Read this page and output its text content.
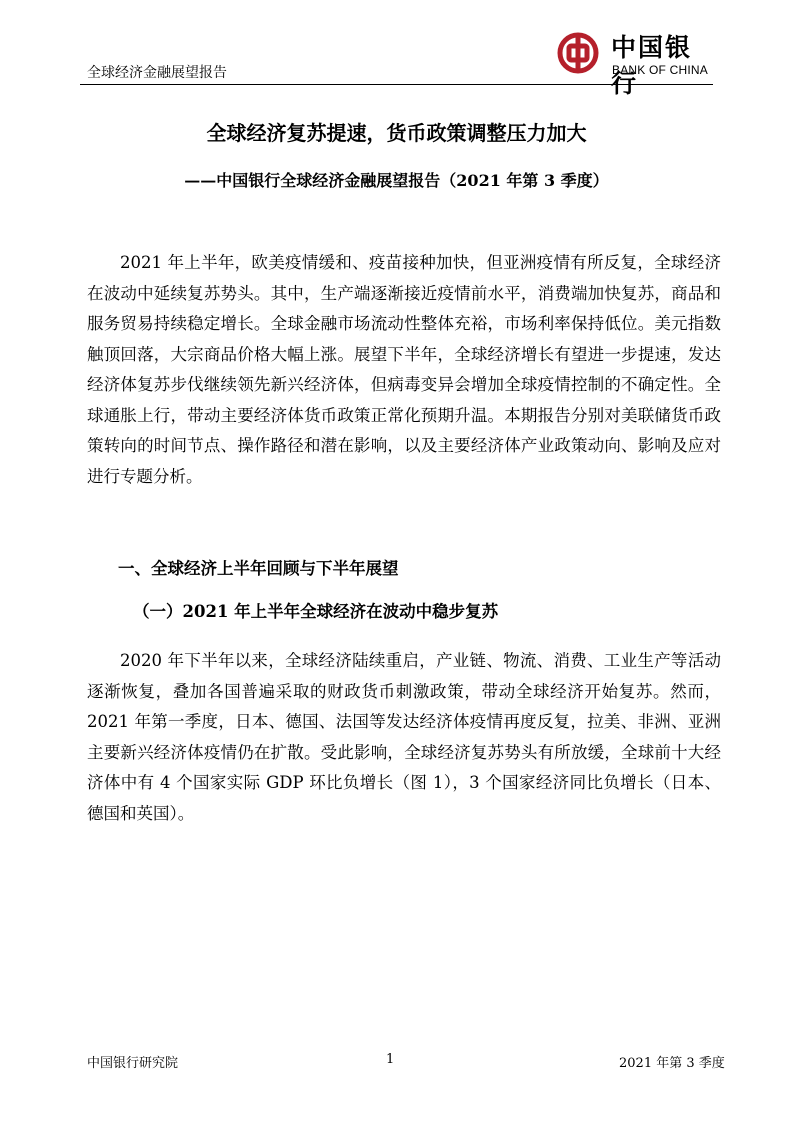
全球经济金融展望报告
中国银行
BANK OF CHINA
全球经济复苏提速，货币政策调整压力加大
——中国银行全球经济金融展望报告（2021 年第 3 季度）

2021 年上半年，欧美疫情缓和、疫苗接种加快，但亚洲疫情有所反复，全球经济在波动中延续复苏势头。其中，生产端逐渐接近疫情前水平，消费端加快复苏，商品和服务贸易持续稳定增长。全球金融市场流动性整体充裕，市场利率保持低位。美元指数触顶回落，大宗商品价格大幅上涨。展望下半年，全球经济增长有望进一步提速，发达经济体复苏步伐继续领先新兴经济体，但病毒变异会增加全球疫情控制的不确定性。全球通胀上行，带动主要经济体货币政策正常化预期升温。本期报告分别对美联储货币政策转向的时间节点、操作路径和潜在影响，以及主要经济体产业政策动向、影响及应对进行专题分析。

一、全球经济上半年回顾与下半年展望
（一）2021 年上半年全球经济在波动中稳步复苏

2020 年下半年以来，全球经济陆续重启，产业链、物流、消费、工业生产等活动逐渐恢复，叠加各国普遍采取的财政货币刺激政策，带动全球经济开始复苏。然而，2021 年第一季度，日本、德国、法国等发达经济体疫情再度反复，拉美、非洲、亚洲主要新兴经济体疫情仍在扩散。受此影响，全球经济复苏势头有所放缓，全球前十大经济体中有 4 个国家实际 GDP 环比负增长（图 1），3 个国家经济同比负增长（日本、德国和英国）。

中国银行研究院	1	2021 年第 3 季度
